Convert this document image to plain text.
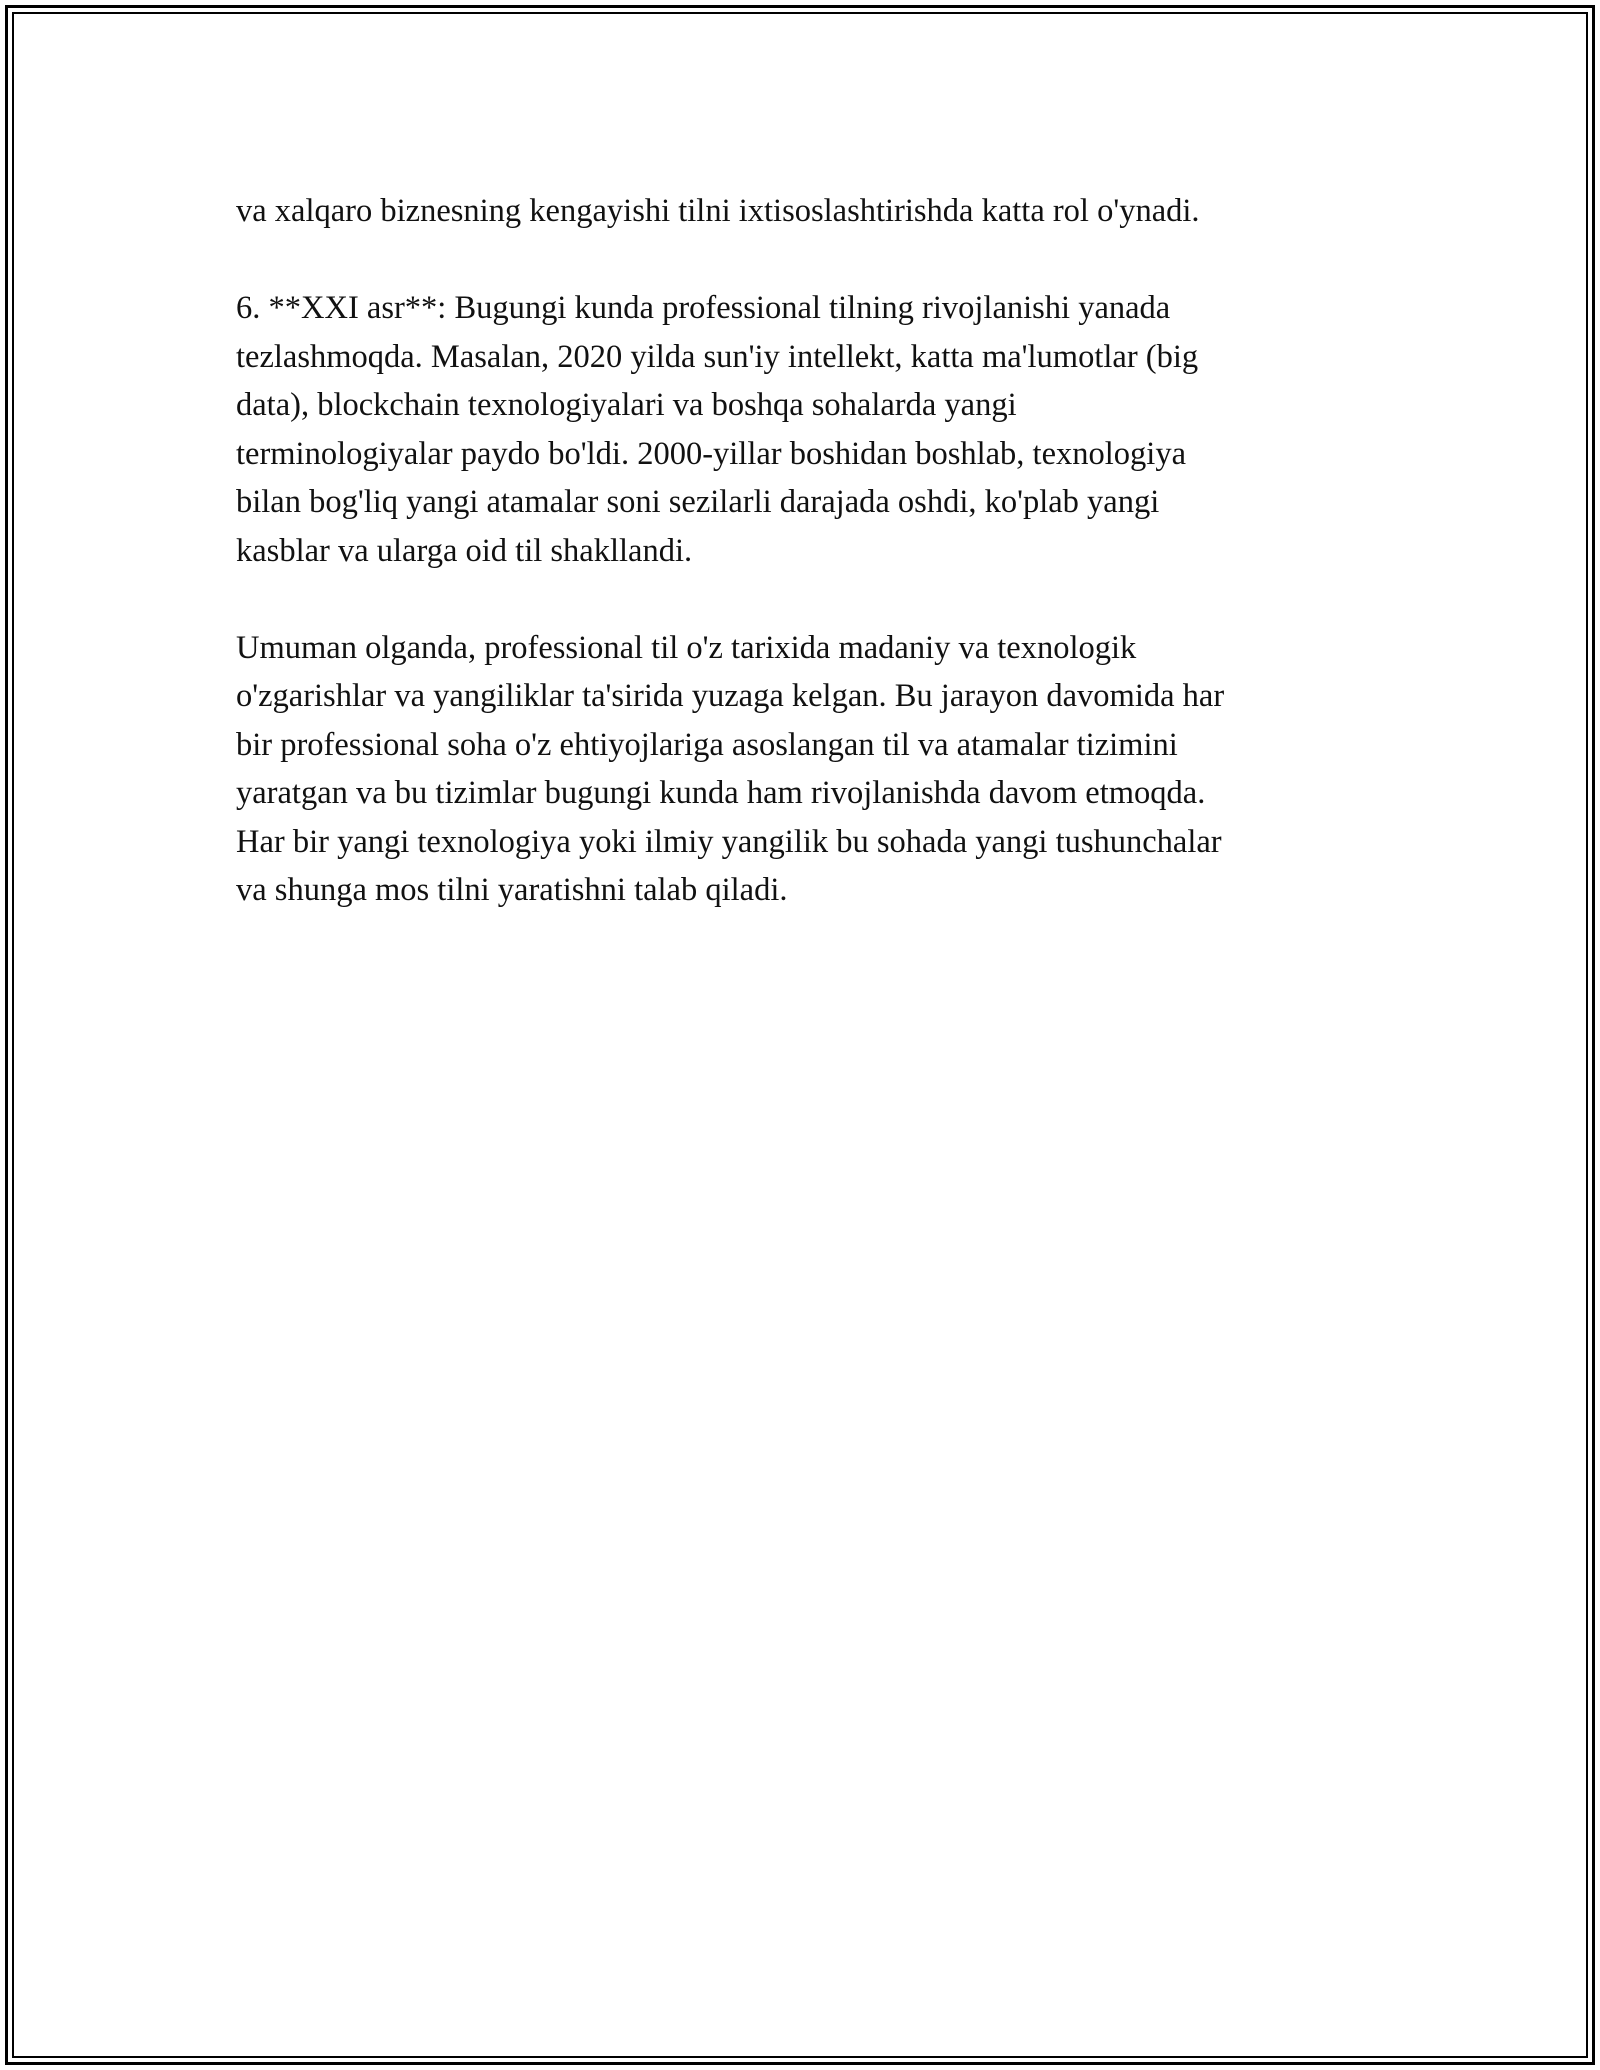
va xalqaro biznesning kengayishi tilni ixtisoslashtirishda katta rol o'ynadi.

6. **XXI asr**: Bugungi kunda professional tilning rivojlanishi yanada
tezlashmoqda. Masalan, 2020 yilda sun'iy intellekt, katta ma'lumotlar (big
data), blockchain texnologiyalari va boshqa sohalarda yangi
terminologiyalar paydo bo'ldi. 2000-yillar boshidan boshlab, texnologiya
bilan bog'liq yangi atamalar soni sezilarli darajada oshdi, ko'plab yangi
kasblar va ularga oid til shakllandi.

Umuman olganda, professional til o'z tarixida madaniy va texnologik
o'zgarishlar va yangiliklar ta'sirida yuzaga kelgan. Bu jarayon davomida har
bir professional soha o'z ehtiyojlariga asoslangan til va atamalar tizimini
yaratgan va bu tizimlar bugungi kunda ham rivojlanishda davom etmoqda.
Har bir yangi texnologiya yoki ilmiy yangilik bu sohada yangi tushunchalar
va shunga mos tilni yaratishni talab qiladi.
